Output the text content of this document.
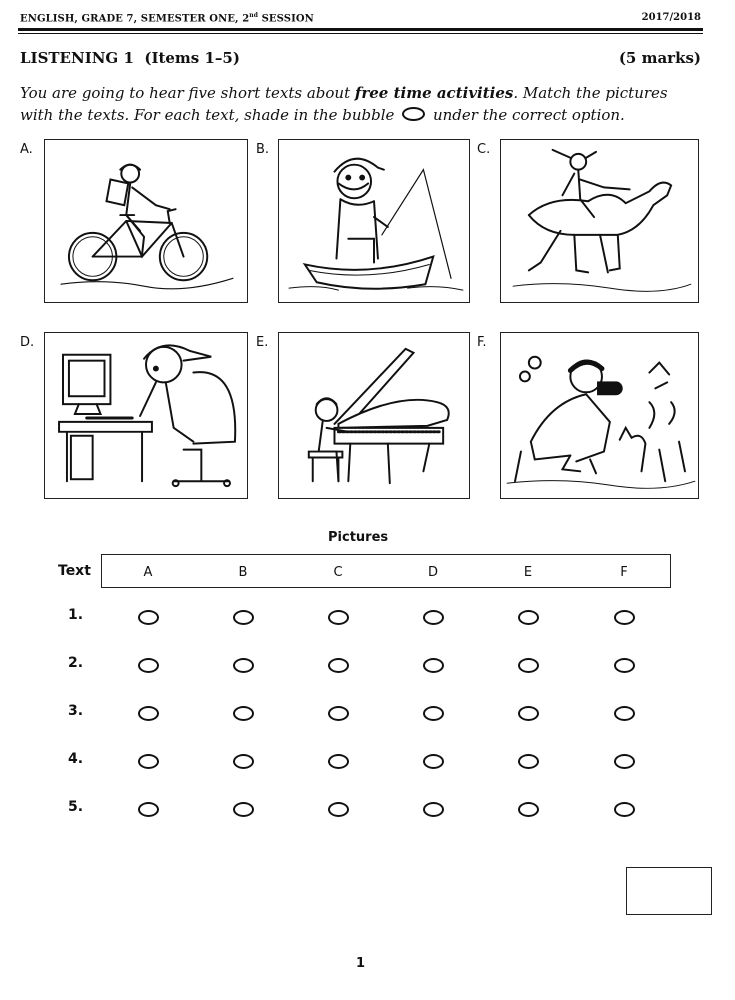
ENGLISH, GRADE 7, SEMESTER ONE, 2nd SESSION	2017/2018
LISTENING 1  (Items 1–5)	(5 marks)
You are going to hear five short texts about free time activities. Match the pictures with the texts. For each text, shade in the bubble  under the correct option.
A.	B.	C.
D.	E.	F.
Pictures
Text	A	B	C	D	E	F
1.
2.
3.
4.
5.
1
